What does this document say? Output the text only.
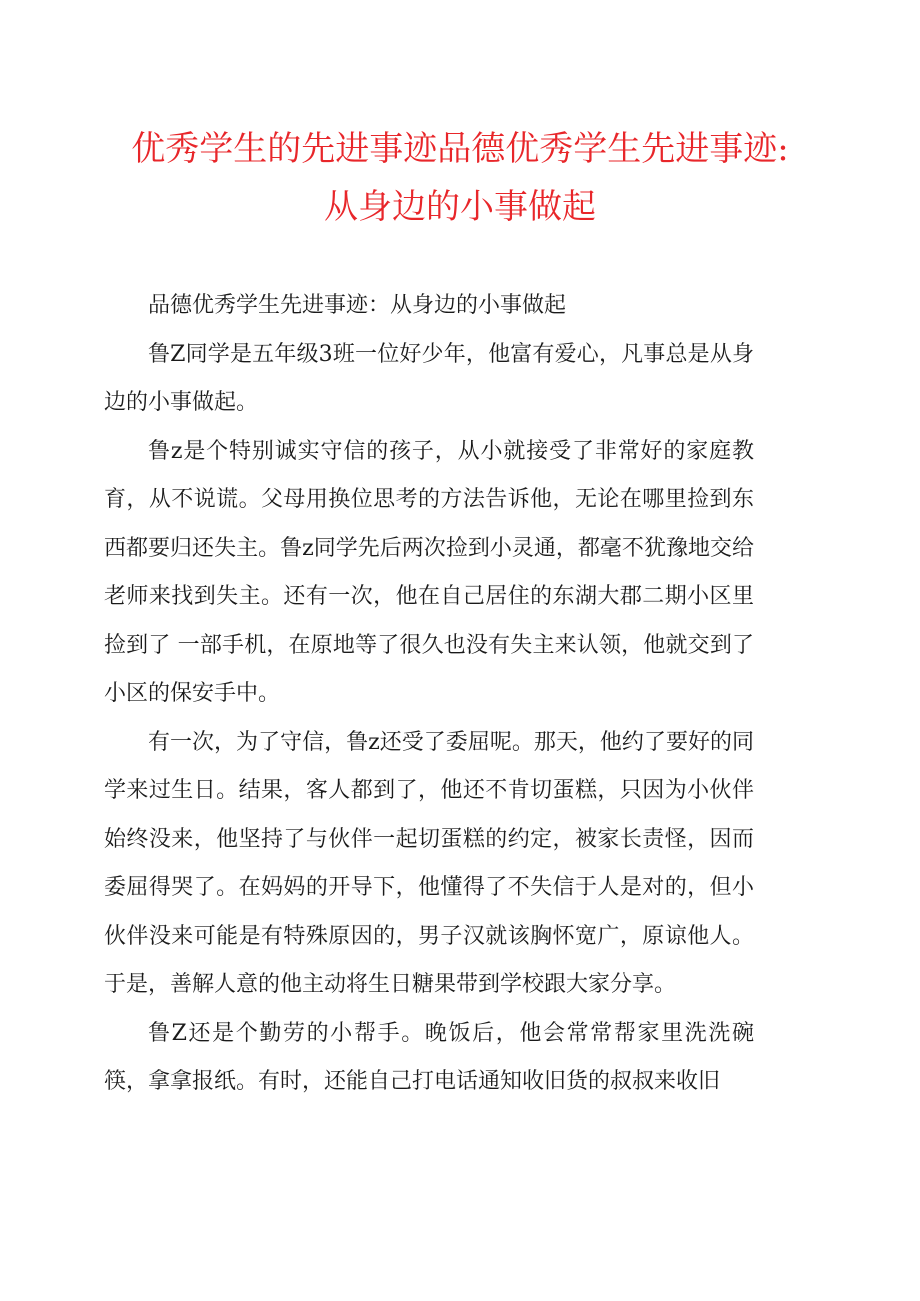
优秀学生的先进事迹品德优秀学生先进事迹:
从身边的小事做起

品德优秀学生先进事迹：从身边的小事做起

鲁Z同学是五年级3班一位好少年，他富有爱心，凡事总是从身边的小事做起。

鲁z是个特别诚实守信的孩子，从小就接受了非常好的家庭教育，从不说谎。父母用换位思考的方法告诉他，无论在哪里捡到东西都要归还失主。鲁z同学先后两次捡到小灵通，都毫不犹豫地交给老师来找到失主。还有一次，他在自己居住的东湖大郡二期小区里捡到了 一部手机，在原地等了很久也没有失主来认领，他就交到了小区的保安手中。

有一次，为了守信，鲁z还受了委屈呢。那天，他约了要好的同学来过生日。结果，客人都到了，他还不肯切蛋糕，只因为小伙伴始终没来，他坚持了与伙伴一起切蛋糕的约定，被家长责怪，因而委屈得哭了。在妈妈的开导下，他懂得了不失信于人是对的，但小伙伴没来可能是有特殊原因的，男子汉就该胸怀宽广，原谅他人。于是，善解人意的他主动将生日糖果带到学校跟大家分享。

鲁Z还是个勤劳的小帮手。晚饭后，他会常常帮家里洗洗碗筷，拿拿报纸。有时，还能自己打电话通知收旧货的叔叔来收旧
